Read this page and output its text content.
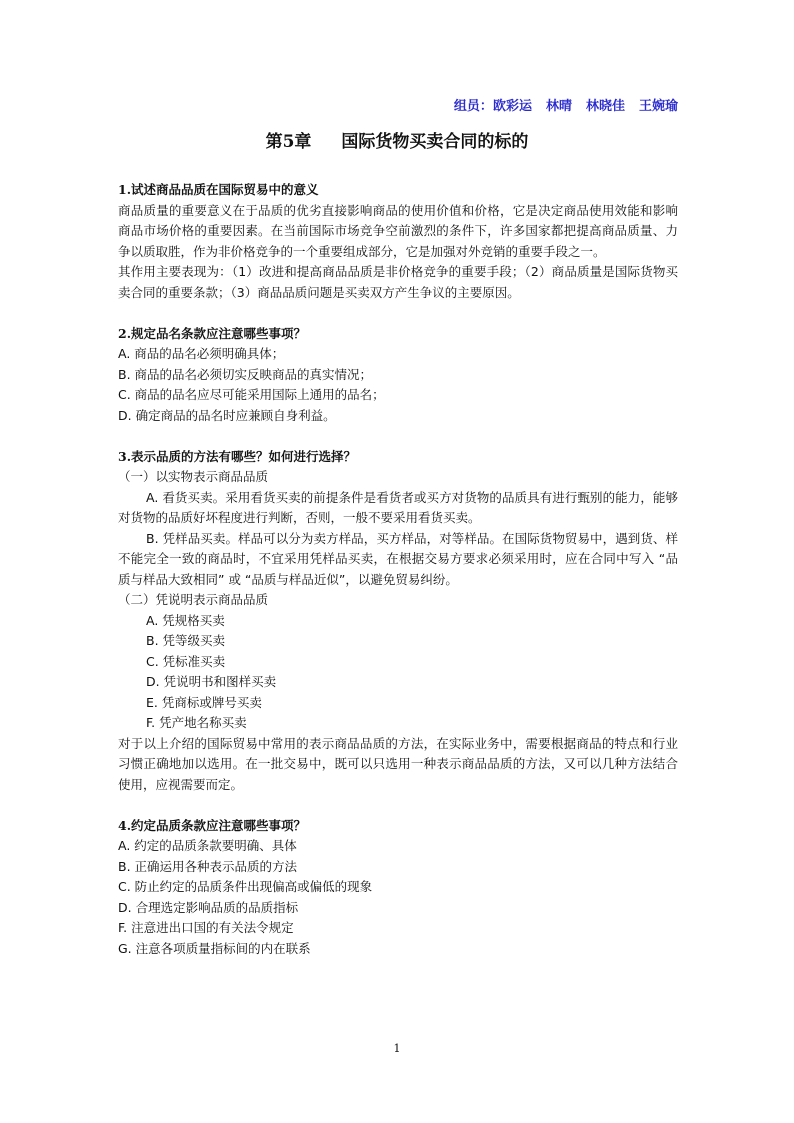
组员：欧彩运 林晴 林晓佳 王婉瑜
第5章 国际货物买卖合同的标的

1.试述商品品质在国际贸易中的意义

商品质量的重要意义在于品质的优劣直接影响商品的使用价值和价格，它是决定商品使用效能和影响商品市场价格的重要因素。在当前国际市场竞争空前激烈的条件下，许多国家都把提高商品质量、力争以质取胜，作为非价格竞争的一个重要组成部分，它是加强对外竞销的重要手段之一。

其作用主要表现为：（1）改进和提高商品品质是非价格竞争的重要手段；（2）商品质量是国际货物买卖合同的重要条款；（3）商品品质问题是买卖双方产生争议的主要原因。

2.规定品名条款应注意哪些事项？

A. 商品的品名必须明确具体；

B. 商品的品名必须切实反映商品的真实情况；

C. 商品的品名应尽可能采用国际上通用的品名；

D. 确定商品的品名时应兼顾自身利益。

3.表示品质的方法有哪些？如何进行选择？

（一）以实物表示商品品质

A. 看货买卖。采用看货买卖的前提条件是看货者或买方对货物的品质具有进行甄别的能力，能够对货物的品质好坏程度进行判断，否则，一般不要采用看货买卖。

B. 凭样品买卖。样品可以分为卖方样品，买方样品，对等样品。在国际货物贸易中，遇到货、样不能完全一致的商品时，不宜采用凭样品买卖，在根据交易方要求必须采用时，应在合同中写入 “品质与样品大致相同” 或 “品质与样品近似”，以避免贸易纠纷。

（二）凭说明表示商品品质

A. 凭规格买卖

B. 凭等级买卖

C. 凭标准买卖

D. 凭说明书和图样买卖

E. 凭商标或牌号买卖

F. 凭产地名称买卖

对于以上介绍的国际贸易中常用的表示商品品质的方法，在实际业务中，需要根据商品的特点和行业习惯正确地加以选用。在一批交易中，既可以只选用一种表示商品品质的方法，又可以几种方法结合使用，应视需要而定。

4.约定品质条款应注意哪些事项？

A. 约定的品质条款要明确、具体

B. 正确运用各种表示品质的方法

C. 防止约定的品质条件出现偏高或偏低的现象

D. 合理选定影响品质的品质指标

F. 注意进出口国的有关法令规定

G. 注意各项质量指标间的内在联系

1
